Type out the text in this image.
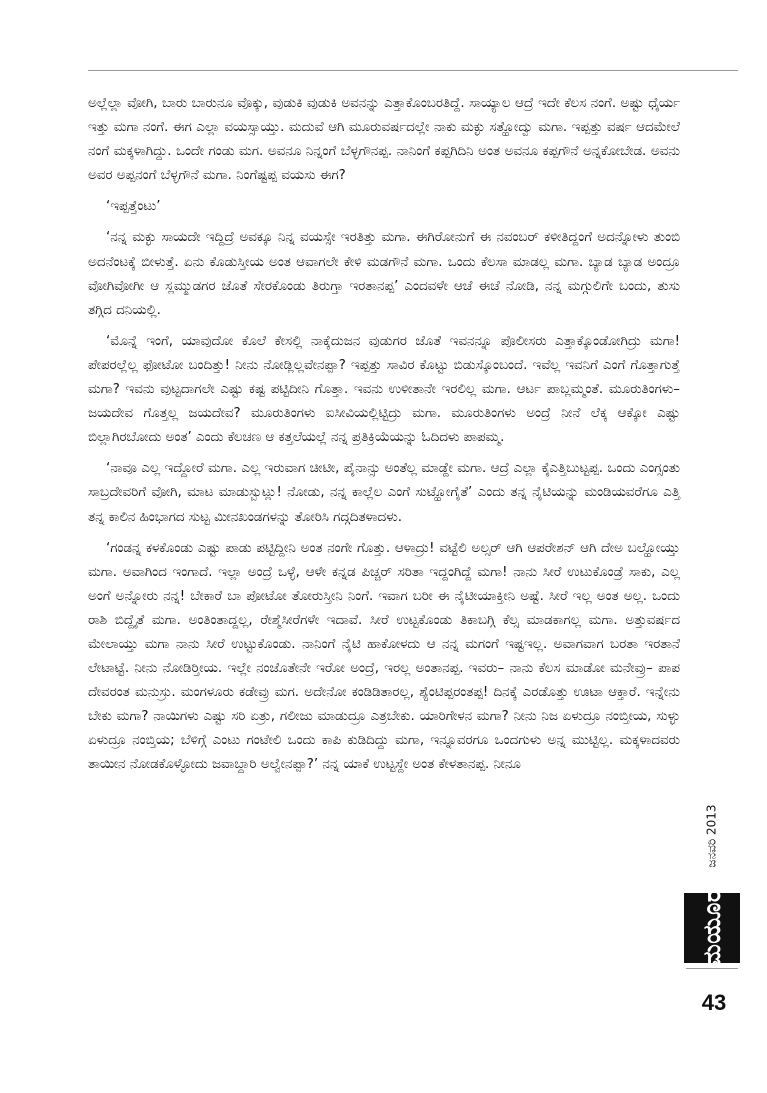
ಅಲ್ಲೆಲ್ಲಾ ವೋಗಿ, ಬಾರು ಬಾರುನೂ ವೊಕ್ಕು, ವುಡುಕಿ ವುಡುಕಿ ಅವನನ್ನು ಎತ್ತಾಕೊಂಬರತಿದ್ದೆ. ಸಾಯ್ಯಾಲ ಆದ್ರೆ ಇದೇ ಕೆಲಸ ನಂಗೆ. ಅಷ್ಟು ಧೈರ್ಯ ಇತ್ತು ಮಗಾ ನಂಗೆ. ಈಗ ಎಲ್ಲಾ ವಯಸ್ಸಾಯ್ತು. ಮದುವೆ ಆಗಿ ಮೂರುವರ್ಷದಲ್ಲೇ ನಾಕು ಮಕ್ಳು ಸತ್ಹೋದ್ವು ಮಗಾ. ಇಪ್ಪತ್ತು ವರ್ಷ ಆದಮೇಲೆ ನಂಗೆ ಮಕ್ಕಳಾಗಿದ್ದು. ಒಂದೇ ಗಂಡು ಮಗ. ಅವನೂ ನಿನ್ನಂಗೆ ಬೆಳ್ಳಗೌನಪ್ಪ. ನಾನಿಂಗೆ ಕಪ್ಪಗಿದಿನಿ ಅಂತ ಅವನೂ ಕಪ್ಪಗೌನೆ ಅನ್ನಕೋಬೇಡ. ಅವನು ಅವರ ಅಪ್ಪನಂಗೆ ಬೆಳ್ಳಗೌನೆ ಮಗಾ. ನಿಂಗೆಷ್ಟಪ್ಪ ವಯಸು ಈಗ?

‘ಇಪ್ಪತ್ತೆಂಟು’

‘ನನ್ನ ಮಕ್ಳು ಸಾಯದೇ ಇದ್ದಿದ್ರೆ ಅವಕ್ಕೂ ನಿನ್ನ ವಯಸ್ಸೇ ಇರತಿತ್ತು ಮಗಾ. ಈಗಿರೋನುಗೆ ಈ ನವಂಬರ್ ಕಳೀತಿದ್ದಂಗೆ ಅದನ್ನೋಳು ತುಂಬಿ ಅದನೆಂಟಕ್ಕೆ ಬೀಳುತ್ತೆ. ಏನು ಕೊಡುಸ್ತೀಯ ಅಂತ ಆವಾಗಲೇ ಕೇಳಿ ಮಡಗೌನೆ ಮಗಾ. ಒಂದು ಕೆಲಸಾ ಮಾಡಲ್ಲ ಮಗಾ. ಬ್ಯಾಡ ಬ್ಯಾಡ ಅಂದ್ರೂ ವೋಗಿವೋಗೀ ಆ ಸ್ಲಮ್ಮುಡಗರ ಜೊತೆ ಸೇರಕೊಂಡು ತಿರುಗ್ತಾ ಇರತಾನಪ್ಪ’ ಎಂದವಳೇ ಆಚೆ ಈಚೆ ನೋಡಿ, ನನ್ನ ಮಗ್ಗುಲಿಗೇ ಬಂದು, ತುಸು ತಗ್ಗಿದ ದನಿಯಲ್ಲಿ.

‘ಮೊನ್ನೆ ಇಂಗೆ, ಯಾವುದೋ ಕೊಲೆ ಕೇಸಲ್ಲಿ ನಾಕ್ಕೆದುಜನ ವುಡುಗರ ಜೊತೆ ಇವನನ್ನೂ ಪೊಲೀಸರು ಎತ್ತಾಕ್ಕೊಂಡೋಗಿದ್ರು ಮಗಾ! ಪೇಪರಲ್ಲೆಲ್ಲ ಫೋಟೋ ಬಂದಿತ್ತು! ನೀನು ನೋಡ್ಲಿಲ್ಲವೇನಪ್ಪಾ? ಇಪ್ಪತ್ತು ಸಾವಿರ ಕೊಟ್ಟು ಬಿಡುಸ್ಕೊಂಬಂದೆ. ಇವೆಲ್ಲ ಇವನಿಗೆ ಎಂಗೆ ಗೊತ್ತಾಗುತ್ತೆ ಮಗಾ? ಇವನು ವುಟ್ಟದಾಗಲೇ ಎಷ್ಟು ಕಷ್ಟ ಪಟ್ಟಿದೀನಿ ಗೊತ್ತಾ. ಇವನು ಉಳೀತಾನೇ ಇರಲಿಲ್ಲ ಮಗಾ. ಆರ್ಟ ಪಾಬ್ಲಮ್ಮಂತೆ. ಮೂರುತಿಂಗಳು– ಜಯದೇವ ಗೊತ್ತಲ್ಲ ಜಯದೇವ? ಮೂರುತಿಂಗಳು ಐಸೀವಿಯಲ್ಲಿಟ್ಟಿದ್ರು ಮಗಾ. ಮೂರುತಿಂಗಳು ಅಂದ್ರೆ ನೀನೆ ಲೆಕ್ಕ ಆಕ್ಕೋ ಎಷ್ಟು ಬಿಲ್ಲಾಗಿರಬೋದು ಅಂತ’ ಎಂದು ಕೆಲಚಣ ಆ ಕತ್ತಲೆಯಲ್ಲೆ ನನ್ನ ಪ್ರತಿಕ್ರಿಯೆಯನ್ನು ಓದಿದಳು ಪಾಪಮ್ಮ.

‘ನಾವೂ ಎಲ್ಲ ಇದ್ದೋರೆ ಮಗಾ. ಎಲ್ಲ ಇರುವಾಗ ಚೀಟೀ, ಪೈನಾನ್ಸು ಅಂತೆಲ್ಲ ಮಾಡ್ದೇ ಮಗಾ. ಆದ್ರೆ ಎಲ್ಲಾ ಕೈಎತ್ತಿಬುಟ್ಟಪ್ಪ. ಒಂದು ಎಂಗ್ಸಂತು ಸಾಬ್ರದೇವರಿಗೆ ವೋಗಿ, ಮಾಟ ಮಾಡುಸ್ಬುಟ್ಲು! ನೋಡು, ನನ್ನ ಕಾಲ್ಲೆಲ ಎಂಗೆ ಸುಟ್ಹೋಗೈತೆ’ ಎಂದು ತನ್ನ ನೈಟಿಯನ್ನು ಮಂಡಿಯವರೆಗೂ ಎತ್ತಿ ತನ್ನ ಕಾಲಿನ ಹಿಂಭಾಗದ ಸುಟ್ಟ ಮೀನಖಂಡಗಳನ್ನು ತೋರಿಸಿ ಗದ್ಗದಿತಳಾದಳು.

‘ಗಂಡನ್ನ ಕಳಕೊಂಡು ಎಷ್ಟು ಪಾಡು ಪಟ್ಟಿದ್ದೀನಿ ಅಂತ ನಂಗೇ ಗೊತ್ತು. ಆಳಾದ್ರು! ವಟ್ಟೆಲಿ ಅಲ್ಸರ್ ಆಗಿ ಆಪರೇಶನ್ ಆಗಿ ದೇಅ ಬಲ್ಹೋಯ್ತು ಮಗಾ. ಅವಾಗಿಂದ ಇಂಗಾದೆ. ಇಲ್ಲಾ ಅಂದ್ರೆ ಒಳ್ಳೆ, ಆಳೇ ಕನ್ನಡ ಪಿಚ್ಚರ್ ಸರಿತಾ ಇದ್ದಂಗಿದ್ದೆ ಮಗಾ! ನಾನು ಸೀರೆ ಉಟುಕೊಂಡ್ರೆ ಸಾಕು, ಎಲ್ಲ ಅಂಗೆ ಅನ್ನೋರು ನನ್ನ! ಬೇಕಾರೆ ಬಾ ಪೋಟೋ ತೋರುಸ್ತೀನಿ ನಿಂಗೆ. ಇವಾಗ ಬರೀ ಈ ನೈಟೀಯಾಕ್ತೀನಿ ಅಷ್ಟೆ. ಸೀರೆ ಇಲ್ಲ ಅಂತ ಅಲ್ಲ. ಒಂದು ರಾಶಿ ಬಿದ್ದೈತೆ ಮಗಾ. ಅಂತಿಂತಾದ್ದಲ್ಲ, ರೇಶ್ಮೆಸೀರೆಗಳೇ ಇದಾವೆ. ಸೀರೆ ಉಟ್ಟಕೊಂಡು ತಿಕಾಬಗ್ಗಿ ಕೆಲ್ಸ ಮಾಡಕಾಗಲ್ಲ ಮಗಾ. ಅತ್ತುವರ್ಷದ ಮೇಲಾಯ್ತು ಮಗಾ ನಾನು ಸೀರೆ ಉಟ್ಟುಕೊಂಡು. ನಾನಿಂಗೆ ನೈಟಿ ಹಾಕೋಳದು ಆ ನನ್ನ ಮಗಂಗೆ ಇಷ್ಟಇಲ್ಲ. ಅವಾಗವಾಗ ಬರತಾ ಇರತಾನೆ ಲೇಟಾಟ್ಟೆ. ನೀನು ನೋಡಿರ್‍ತೀಯ. ಇಲ್ಲೇ ನಂಜೊತೇನೇ ಇರೋ ಅಂದ್ರೆ, ಇರಲ್ಲ ಅಂತಾನಪ್ಪ. ಇವರು– ನಾನು ಕೆಲಸ ಮಾಡೋ ಮನೇವ್ರು– ಪಾಪ ದೇವರಂತ ಮನುಸ್ರು. ಮಂಗಳೂರು ಕಡೇವ್ರು ಮಗ. ಅದೇನೋ ಕಂಡಿಡಿತಾರಲ್ಲ, ಶ್ಯೆಂಟಿಪ್ಪರಂತಪ್ಪ! ದಿನಕ್ಕೆ ಎರಡೊತ್ತು ಊಟಾ ಆಕ್ತಾರೆ. ಇನ್ನೇನು ಬೇಕು ಮಗಾ? ನಾಯಿಗಳು ಎಷ್ಟು ಸರಿ ಏತ್ರು, ಗಲೀಜು ಮಾಡುದ್ರೂ ಎತ್ರಬೇಕು. ಯಾರಿಗೇಳನ ಮಗಾ? ನೀನು ನಿಜ ಏಳುದ್ರೂ ನಂಬ್ತೀಯ, ಸುಳ್ಳು ಏಳುದ್ರೂ ನಂಬ್ತಿಯ; ಬೆಳಿಗ್ಗೆ ಎಂಟು ಗಂಟೇಲಿ ಒಂದು ಕಾಪಿ ಕುಡಿದಿದ್ದು ಮಗಾ, ಇನ್ನೂವರಗೂ ಒಂದಗುಳು ಅನ್ನ ಮುಟ್ಟಿಲ್ಲ. ಮಕ್ಕಳಾದವರು ತಾಯೀನ ನೋಡಕೊಳ್ಳೋದು ಜವಾಬ್ದಾರಿ ಅಲ್ವೇನಪ್ಪಾ?’ ನನ್ನ ಯಾಕೆ ಉಟ್ಟಸ್ದೇ ಅಂತ ಕೇಳತಾನಪ್ಪ. ನೀನೂ

ಜನವರಿ 2013
ಮಯೂರ
43
